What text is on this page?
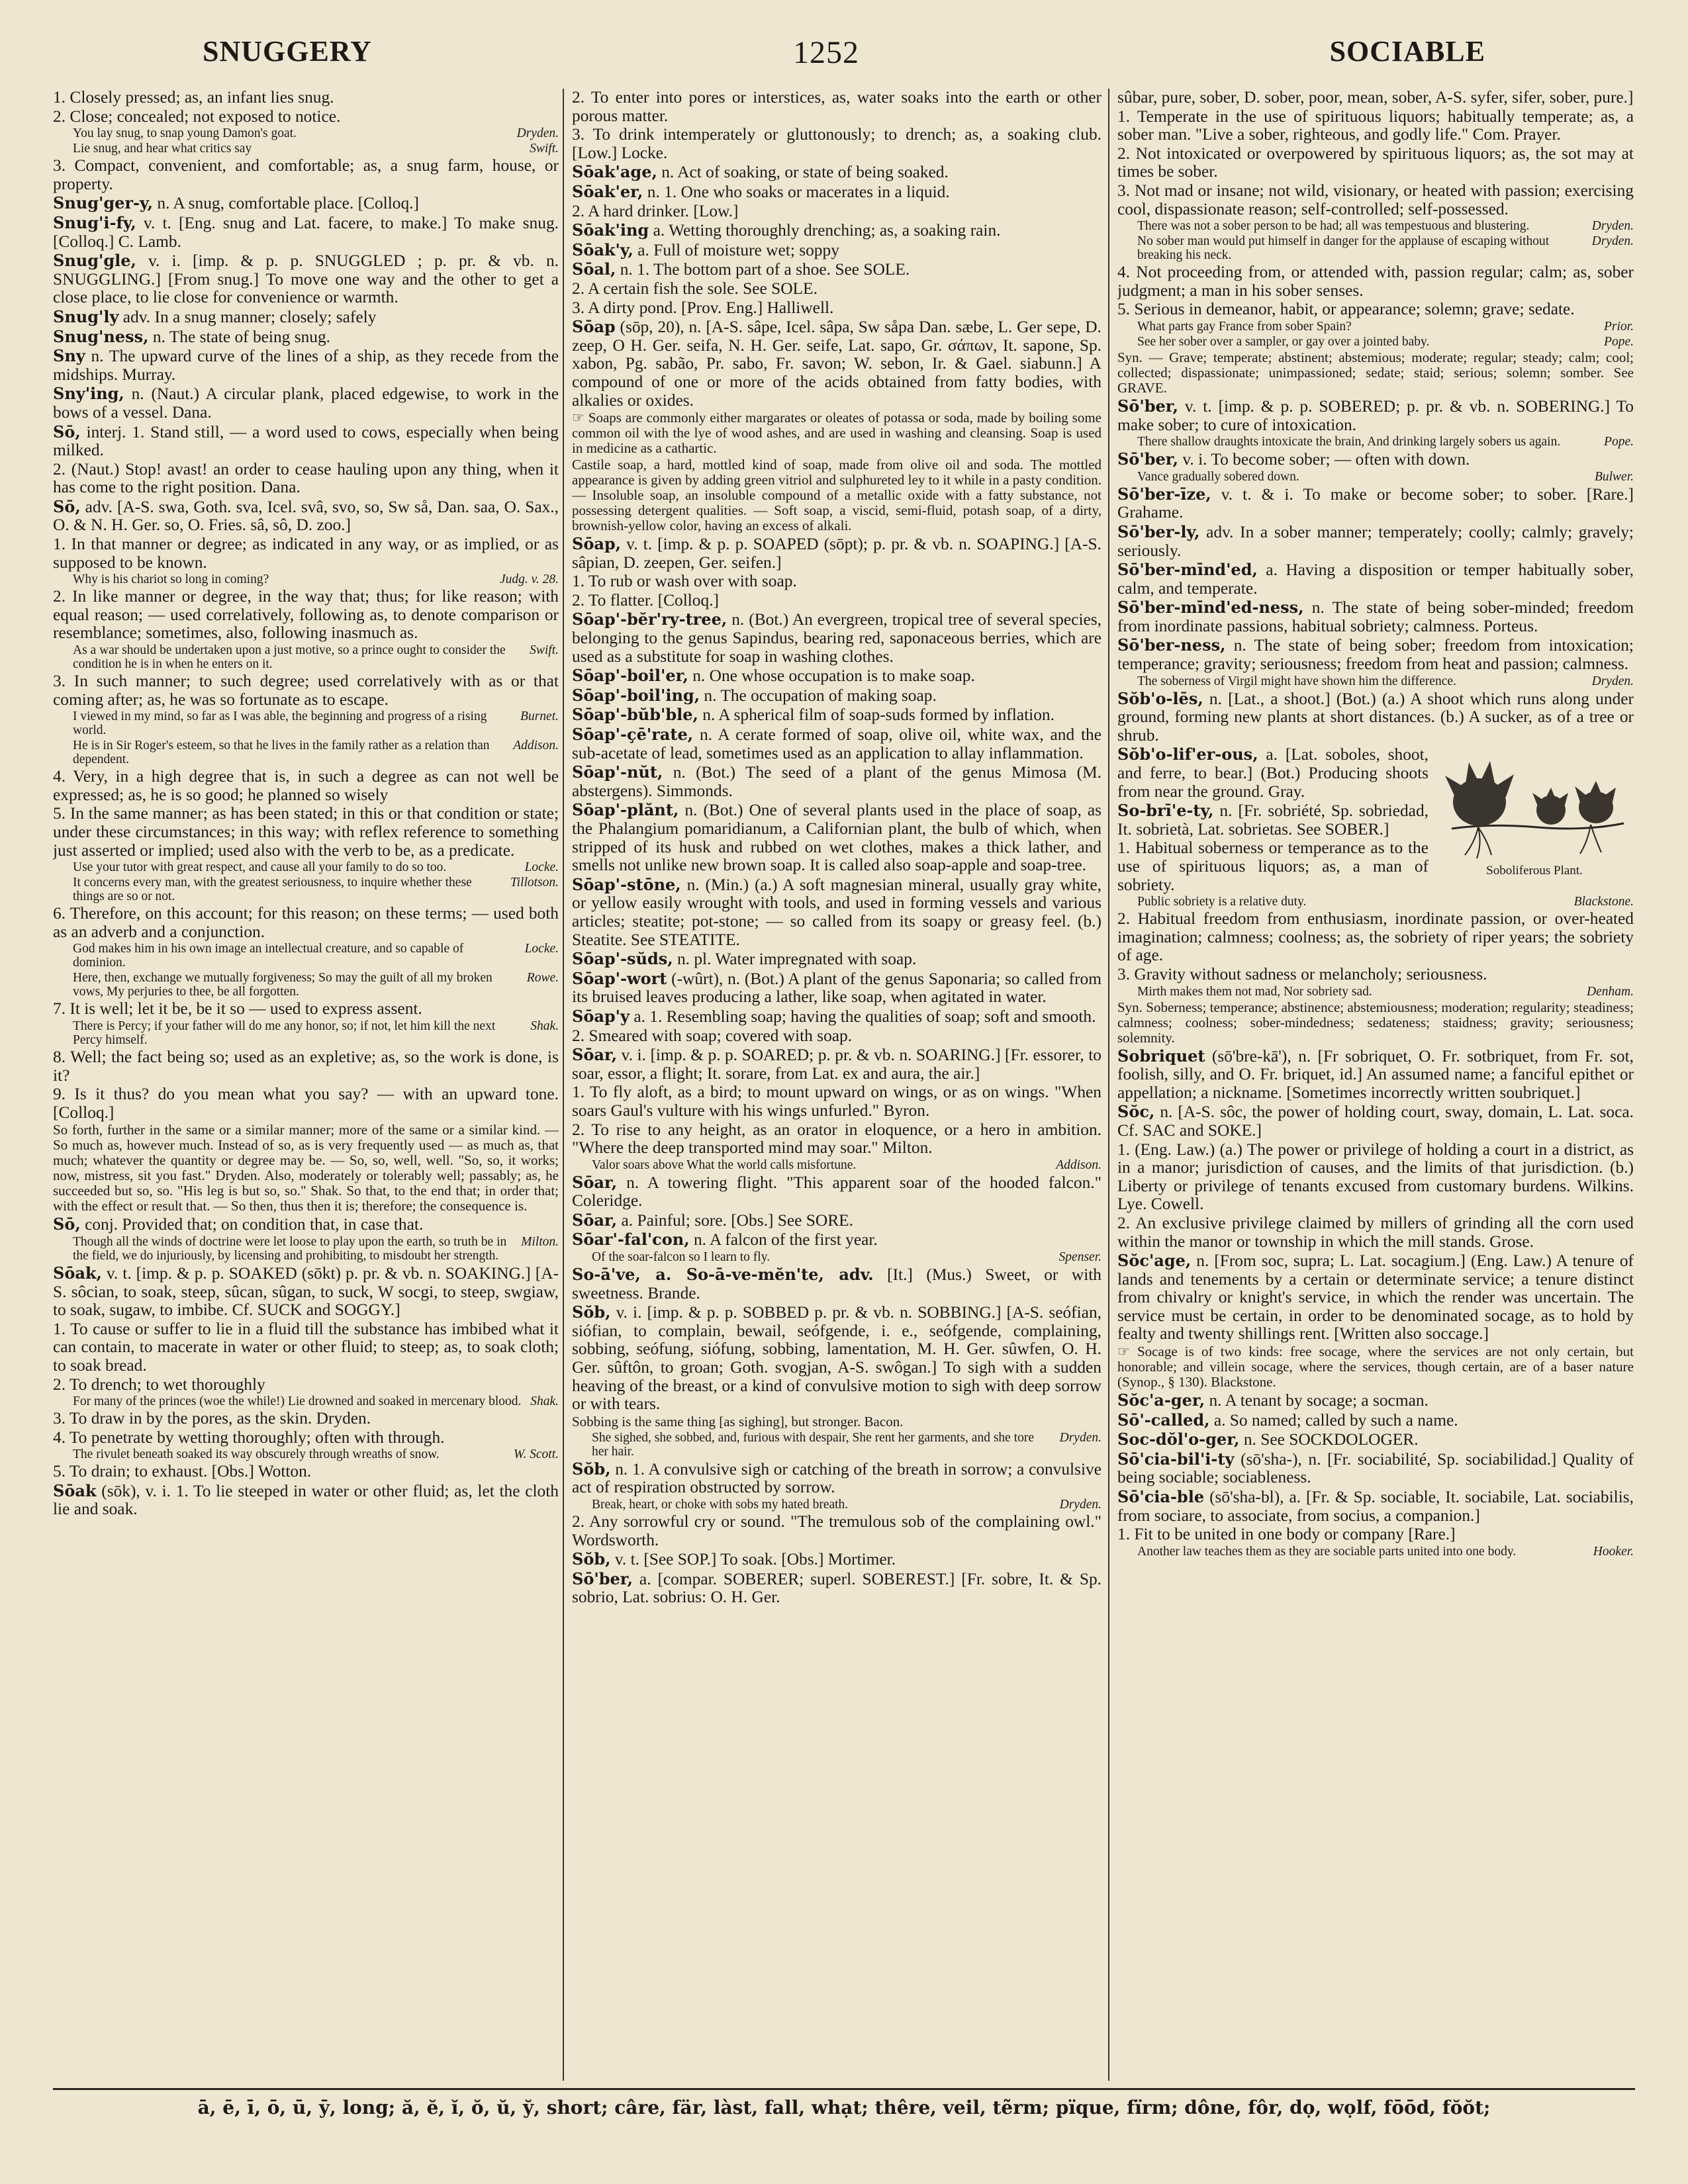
SNUGGERY	1252	SOCIABLE
1. Closely pressed; as, an infant lies snug.
2. Close; concealed; not exposed to notice.
Dryden.
You lay snug, to snap young Damon's goat.
Swift.
Lie snug, and hear what critics say
3. Compact, convenient, and comfortable; as, a snug farm, house, or property.
Snug'ger-y, n. A snug, comfortable place. [Colloq.]
Snug'i-fy, v. t. [Eng. snug and Lat. facere, to make.] To make snug. [Colloq.] C. Lamb.
Snug'gle, v. i. [imp. & p. p. SNUGGLED ; p. pr. & vb. n. SNUGGLING.] [From snug.] To move one way and the other to get a close place, to lie close for convenience or warmth.
Snug'ly adv. In a snug manner; closely; safely
Snug'ness, n. The state of being snug.
Sny n. The upward curve of the lines of a ship, as they recede from the midships. Murray.
Sny'ing, n. (Naut.) A circular plank, placed edgewise, to work in the bows of a vessel. Dana.
Sō, interj. 1. Stand still, — a word used to cows, especially when being milked.
2. (Naut.) Stop! avast! an order to cease hauling upon any thing, when it has come to the right position. Dana.
Sō, adv. [A-S. swa, Goth. sva, Icel. svâ, svo, so, Sw så, Dan. saa, O. Sax., O. & N. H. Ger. so, O. Fries. sâ, sô, D. zoo.]
1. In that manner or degree; as indicated in any way, or as implied, or as supposed to be known.
Judg. v. 28.
Why is his chariot so long in coming?
2. In like manner or degree, in the way that; thus; for like reason; with equal reason; — used correlatively, following as, to denote comparison or resemblance; sometimes, also, following inasmuch as.
Swift.
As a war should be undertaken upon a just motive, so a prince ought to consider the condition he is in when he enters on it.
3. In such manner; to such degree; used correlatively with as or that coming after; as, he was so fortunate as to escape.
Burnet.
I viewed in my mind, so far as I was able, the beginning and progress of a rising world.
Addison.
He is in Sir Roger's esteem, so that he lives in the family rather as a relation than dependent.
4. Very, in a high degree that is, in such a degree as can not well be expressed; as, he is so good; he planned so wisely
5. In the same manner; as has been stated; in this or that condition or state; under these circumstances; in this way; with reflex reference to something just asserted or implied; used also with the verb to be, as a predicate.
Locke.
Use your tutor with great respect, and cause all your family to do so too.
Tillotson.
It concerns every man, with the greatest seriousness, to inquire whether these things are so or not.
6. Therefore, on this account; for this reason; on these terms; — used both as an adverb and a conjunction.
Locke.
God makes him in his own image an intellectual creature, and so capable of dominion.
Rowe.
Here, then, exchange we mutually forgiveness; So may the guilt of all my broken vows, My perjuries to thee, be all forgotten.
7. It is well; let it be, be it so — used to express assent.
Shak.
There is Percy; if your father will do me any honor, so; if not, let him kill the next Percy himself.
8. Well; the fact being so; used as an expletive; as, so the work is done, is it?
9. Is it thus? do you mean what you say? — with an upward tone. [Colloq.]
So forth, further in the same or a similar manner; more of the same or a similar kind. — So much as, however much. Instead of so, as is very frequently used — as much as, that much; whatever the quantity or degree may be. — So, so, well, well. "So, so, it works; now, mistress, sit you fast." Dryden. Also, moderately or tolerably well; passably; as, he succeeded but so, so. "His leg is but so, so." Shak. So that, to the end that; in order that; with the effect or result that. — So then, thus then it is; therefore; the consequence is.
Sō, conj. Provided that; on condition that, in case that.
Milton.
Though all the winds of doctrine were let loose to play upon the earth, so truth be in the field, we do injuriously, by licensing and prohibiting, to misdoubt her strength.
Sōak, v. t. [imp. & p. p. SOAKED (sōkt) p. pr. & vb. n. SOAKING.] [A-S. sôcian, to soak, steep, sûcan, sûgan, to suck, W socgi, to steep, swgiaw, to soak, sugaw, to imbibe. Cf. SUCK and SOGGY.]
1. To cause or suffer to lie in a fluid till the substance has imbibed what it can contain, to macerate in water or other fluid; to steep; as, to soak cloth; to soak bread.
2. To drench; to wet thoroughly
Shak.
For many of the princes (woe the while!) Lie drowned and soaked in mercenary blood.
3. To draw in by the pores, as the skin. Dryden.
4. To penetrate by wetting thoroughly; often with through.
W. Scott.
The rivulet beneath soaked its way obscurely through wreaths of snow.
5. To drain; to exhaust. [Obs.] Wotton.
Sōak (sōk), v. i. 1. To lie steeped in water or other fluid; as, let the cloth lie and soak.
2. To enter into pores or interstices, as, water soaks into the earth or other porous matter.
3. To drink intemperately or gluttonously; to drench; as, a soaking club. [Low.] Locke.
Sōak'age, n. Act of soaking, or state of being soaked.
Sōak'er, n. 1. One who soaks or macerates in a liquid.
2. A hard drinker. [Low.]
Sōak'ing a. Wetting thoroughly drenching; as, a soaking rain.
Sōak'y, a. Full of moisture wet; soppy
Sōal, n. 1. The bottom part of a shoe. See SOLE.
2. A certain fish the sole. See SOLE.
3. A dirty pond. [Prov. Eng.] Halliwell.
Sōap (sōp, 20), n. [A-S. sâpe, Icel. sâpa, Sw såpa Dan. sæbe, L. Ger sepe, D. zeep, O H. Ger. seifa, N. H. Ger. seife, Lat. sapo, Gr. σάπων, It. sapone, Sp. xabon, Pg. sabão, Pr. sabo, Fr. savon; W. sebon, Ir. & Gael. siabunn.] A compound of one or more of the acids obtained from fatty bodies, with alkalies or oxides.
☞ Soaps are commonly either margarates or oleates of potassa or soda, made by boiling some common oil with the lye of wood ashes, and are used in washing and cleansing. Soap is used in medicine as a cathartic.
Castile soap, a hard, mottled kind of soap, made from olive oil and soda. The mottled appearance is given by adding green vitriol and sulphureted ley to it while in a pasty condition. — Insoluble soap, an insoluble compound of a metallic oxide with a fatty substance, not possessing detergent qualities. — Soft soap, a viscid, semi-fluid, potash soap, of a dirty, brownish-yellow color, having an excess of alkali.
Sōap, v. t. [imp. & p. p. SOAPED (sōpt); p. pr. & vb. n. SOAPING.] [A-S. sâpian, D. zeepen, Ger. seifen.]
1. To rub or wash over with soap.
2. To flatter. [Colloq.]
Sōap'-bĕr'ry-tree, n. (Bot.) An evergreen, tropical tree of several species, belonging to the genus Sapindus, bearing red, saponaceous berries, which are used as a substitute for soap in washing clothes.
Sōap'-boil'er, n. One whose occupation is to make soap.
Sōap'-boil'ing, n. The occupation of making soap.
Sōap'-bŭb'ble, n. A spherical film of soap-suds formed by inflation.
Sōap'-çē'rate, n. A cerate formed of soap, olive oil, white wax, and the sub-acetate of lead, sometimes used as an application to allay inflammation.
Sōap'-nŭt, n. (Bot.) The seed of a plant of the genus Mimosa (M. abstergens). Simmonds.
Sōap'-plănt, n. (Bot.) One of several plants used in the place of soap, as the Phalangium pomaridianum, a Californian plant, the bulb of which, when stripped of its husk and rubbed on wet clothes, makes a thick lather, and smells not unlike new brown soap. It is called also soap-apple and soap-tree.
Sōap'-stōne, n. (Min.) (a.) A soft magnesian mineral, usually gray white, or yellow easily wrought with tools, and used in forming vessels and various articles; steatite; pot-stone; — so called from its soapy or greasy feel. (b.) Steatite. See STEATITE.
Sōap'-sŭds, n. pl. Water impregnated with soap.
Sōap'-wort (-wûrt), n. (Bot.) A plant of the genus Saponaria; so called from its bruised leaves producing a lather, like soap, when agitated in water.
Sōap'y a. 1. Resembling soap; having the qualities of soap; soft and smooth.
2. Smeared with soap; covered with soap.
Sōar, v. i. [imp. & p. p. SOARED; p. pr. & vb. n. SOARING.] [Fr. essorer, to soar, essor, a flight; It. sorare, from Lat. ex and aura, the air.]
1. To fly aloft, as a bird; to mount upward on wings, or as on wings. "When soars Gaul's vulture with his wings unfurled." Byron.
2. To rise to any height, as an orator in eloquence, or a hero in ambition. "Where the deep transported mind may soar." Milton.
Addison.
Valor soars above What the world calls misfortune.
Sōar, n. A towering flight. "This apparent soar of the hooded falcon." Coleridge.
Sōar, a. Painful; sore. [Obs.] See SORE.
Sōar'-fal'con, n. A falcon of the first year.
Spenser.
Of the soar-falcon so I learn to fly.
So-ā've, a. So-ā-ve-mĕn'te, adv. [It.] (Mus.) Sweet, or with sweetness. Brande.
Sŏb, v. i. [imp. & p. p. SOBBED p. pr. & vb. n. SOBBING.] [A-S. seófian, siófian, to complain, bewail, seófgende, i. e., seófgende, complaining, sobbing, seófung, siófung, sobbing, lamentation, M. H. Ger. sûwfen, O. H. Ger. sûftôn, to groan; Goth. svogjan, A-S. swôgan.] To sigh with a sudden heaving of the breast, or a kind of convulsive motion to sigh with deep sorrow or with tears.
Sobbing is the same thing [as sighing], but stronger. Bacon.
Dryden.
She sighed, she sobbed, and, furious with despair, She rent her garments, and she tore her hair.
Sŏb, n. 1. A convulsive sigh or catching of the breath in sorrow; a convulsive act of respiration obstructed by sorrow.
Dryden.
Break, heart, or choke with sobs my hated breath.
2. Any sorrowful cry or sound. "The tremulous sob of the complaining owl." Wordsworth.
Sŏb, v. t. [See SOP.] To soak. [Obs.] Mortimer.
Sō'ber, a. [compar. SOBERER; superl. SOBEREST.] [Fr. sobre, It. & Sp. sobrio, Lat. sobrius: O. H. Ger.
sûbar, pure, sober, D. sober, poor, mean, sober, A-S. syfer, sifer, sober, pure.]
1. Temperate in the use of spirituous liquors; habitually temperate; as, a sober man. "Live a sober, righteous, and godly life." Com. Prayer.
2. Not intoxicated or overpowered by spirituous liquors; as, the sot may at times be sober.
3. Not mad or insane; not wild, visionary, or heated with passion; exercising cool, dispassionate reason; self-controlled; self-possessed.
Dryden.
There was not a sober person to be had; all was tempestuous and blustering.
Dryden.
No sober man would put himself in danger for the applause of escaping without breaking his neck.
4. Not proceeding from, or attended with, passion regular; calm; as, sober judgment; a man in his sober senses.
5. Serious in demeanor, habit, or appearance; solemn; grave; sedate.
Prior.
What parts gay France from sober Spain?
Pope.
See her sober over a sampler, or gay over a jointed baby.
Syn. — Grave; temperate; abstinent; abstemious; moderate; regular; steady; calm; cool; collected; dispassionate; unimpassioned; sedate; staid; serious; solemn; somber. See GRAVE.
Sō'ber, v. t. [imp. & p. p. SOBERED; p. pr. & vb. n. SOBERING.] To make sober; to cure of intoxication.
Pope.
There shallow draughts intoxicate the brain, And drinking largely sobers us again.
Sō'ber, v. i. To become sober; — often with down.
Bulwer.
Vance gradually sobered down.
Sō'ber-īze, v. t. & i. To make or become sober; to sober. [Rare.] Grahame.
Sō'ber-ly, adv. In a sober manner; temperately; coolly; calmly; gravely; seriously.
Sō'ber-mīnd'ed, a. Having a disposition or temper habitually sober, calm, and temperate.
Sō'ber-mīnd'ed-ness, n. The state of being sober-minded; freedom from inordinate passions, habitual sobriety; calmness. Porteus.
Sō'ber-ness, n. The state of being sober; freedom from intoxication; temperance; gravity; seriousness; freedom from heat and passion; calmness.
Dryden.
The soberness of Virgil might have shown him the difference.
Sŏb'o-lēs, n. [Lat., a shoot.] (Bot.) (a.) A shoot which runs along under ground, forming new plants at short distances. (b.) A sucker, as of a tree or shrub.
Soboliferous Plant.
Sŏb'o-lif'er-ous, a. [Lat. soboles, shoot, and ferre, to bear.] (Bot.) Producing shoots from near the ground. Gray.
So-brī'e-ty, n. [Fr. sobriété, Sp. sobriedad, It. sobrietà, Lat. sobrietas. See SOBER.]
1. Habitual soberness or temperance as to the use of spirituous liquors; as, a man of sobriety.
Blackstone.
Public sobriety is a relative duty.
2. Habitual freedom from enthusiasm, inordinate passion, or over-heated imagination; calmness; coolness; as, the sobriety of riper years; the sobriety of age.
3. Gravity without sadness or melancholy; seriousness.
Denham.
Mirth makes them not mad, Nor sobriety sad.
Syn. Soberness; temperance; abstinence; abstemiousness; moderation; regularity; steadiness; calmness; coolness; sober-mindedness; sedateness; staidness; gravity; seriousness; solemnity.
Sobriquet (sō'bre-kā'), n. [Fr sobriquet, O. Fr. sotbriquet, from Fr. sot, foolish, silly, and O. Fr. briquet, id.] An assumed name; a fanciful epithet or appellation; a nickname. [Sometimes incorrectly written soubriquet.]
Sŏc, n. [A-S. sôc, the power of holding court, sway, domain, L. Lat. soca. Cf. SAC and SOKE.]
1. (Eng. Law.) (a.) The power or privilege of holding a court in a district, as in a manor; jurisdiction of causes, and the limits of that jurisdiction. (b.) Liberty or privilege of tenants excused from customary burdens. Wilkins. Lye. Cowell.
2. An exclusive privilege claimed by millers of grinding all the corn used within the manor or township in which the mill stands. Grose.
Sŏc'age, n. [From soc, supra; L. Lat. socagium.] (Eng. Law.) A tenure of lands and tenements by a certain or determinate service; a tenure distinct from chivalry or knight's service, in which the render was uncertain. The service must be certain, in order to be denominated socage, as to hold by fealty and twenty shillings rent. [Written also soccage.]
☞ Socage is of two kinds: free socage, where the services are not only certain, but honorable; and villein socage, where the services, though certain, are of a baser nature (Synop., § 130). Blackstone.
Sŏc'a-ger, n. A tenant by socage; a socman.
Sō'-called, a. So named; called by such a name.
Soc-dŏl'o-ger, n. See SOCKDOLOGER.
Sō'cia-bil'i-ty (sō'sha-), n. [Fr. sociabilité, Sp. sociabilidad.] Quality of being sociable; sociableness.
Sō'cia-ble (sō'sha-bl), a. [Fr. & Sp. sociable, It. sociabile, Lat. sociabilis, from sociare, to associate, from socius, a companion.]
1. Fit to be united in one body or company [Rare.]
Hooker.
Another law teaches them as they are sociable parts united into one body.
ā, ē, ī, ō, ū, ȳ, long; ă, ĕ, ĭ, ŏ, ŭ, y̆, short; câre, fär, làst, fall, whạt; thêre, veil, tẽrm; pïque, fïrm; dône, fôr, dọ, wọlf, fōōd, fŏŏt;
